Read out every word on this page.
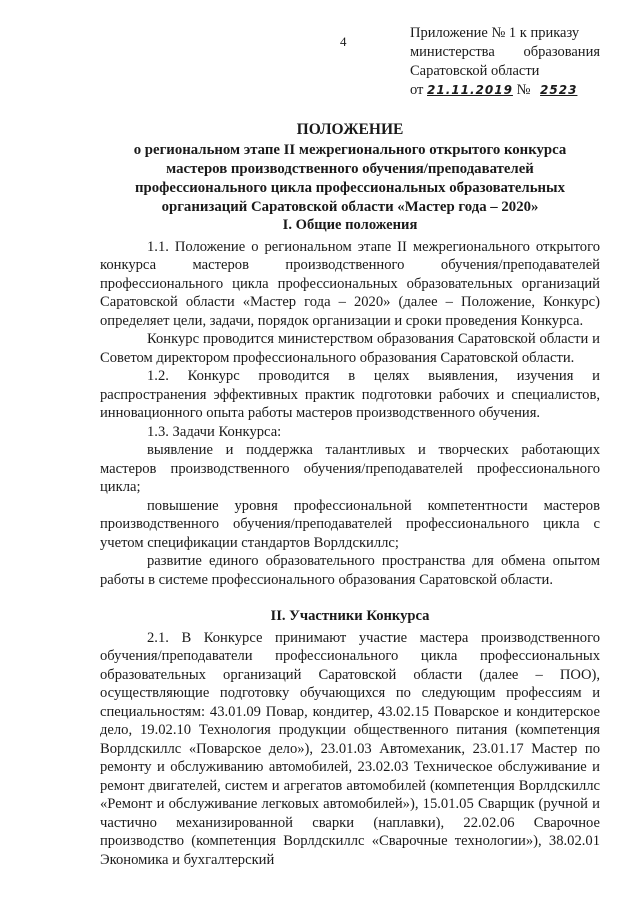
4
Приложение № 1 к приказу
министерства образования
Саратовской области
от 21.11.2019 № 2523
ПОЛОЖЕНИЕ
о региональном этапе II межрегионального открытого конкурса
мастеров производственного обучения/преподавателей
профессионального цикла профессиональных образовательных
организаций Саратовской области «Мастер года – 2020»
I. Общие положения

1.1. Положение о региональном этапе II межрегионального открытого конкурса мастеров производственного обучения/преподавателей профессионального цикла профессиональных образовательных организаций Саратовской области «Мастер года – 2020» (далее – Положение, Конкурс) определяет цели, задачи, порядок организации и сроки проведения Конкурса.

Конкурс проводится министерством образования Саратовской области и Советом директором профессионального образования Саратовской области.

1.2. Конкурс проводится в целях выявления, изучения и распространения эффективных практик подготовки рабочих и специалистов, инновационного опыта работы мастеров производственного обучения.

1.3. Задачи Конкурса:

выявление и поддержка талантливых и творческих работающих мастеров производственного обучения/преподавателей профессионального цикла;

повышение уровня профессиональной компетентности мастеров производственного обучения/преподавателей профессионального цикла с учетом спецификации стандартов Ворлдскиллс;

развитие единого образовательного пространства для обмена опытом работы в системе профессионального образования Саратовской области.

II. Участники Конкурса

2.1. В Конкурсе принимают участие мастера производственного обучения/преподаватели профессионального цикла профессиональных образовательных организаций Саратовской области (далее – ПОО), осуществляющие подготовку обучающихся по следующим профессиям и специальностям: 43.01.09 Повар, кондитер, 43.02.15 Поварское и кондитерское дело, 19.02.10 Технология продукции общественного питания (компетенция Ворлдскиллс «Поварское дело»), 23.01.03 Автомеханик, 23.01.17 Мастер по ремонту и обслуживанию автомобилей, 23.02.03 Техническое обслуживание и ремонт двигателей, систем и агрегатов автомобилей (компетенция Ворлдскиллс «Ремонт и обслуживание легковых автомобилей»), 15.01.05 Сварщик (ручной и частично механизированной сварки (наплавки), 22.02.06 Сварочное производство (компетенция Ворлдскиллс «Сварочные технологии»), 38.02.01 Экономика и бухгалтерский
